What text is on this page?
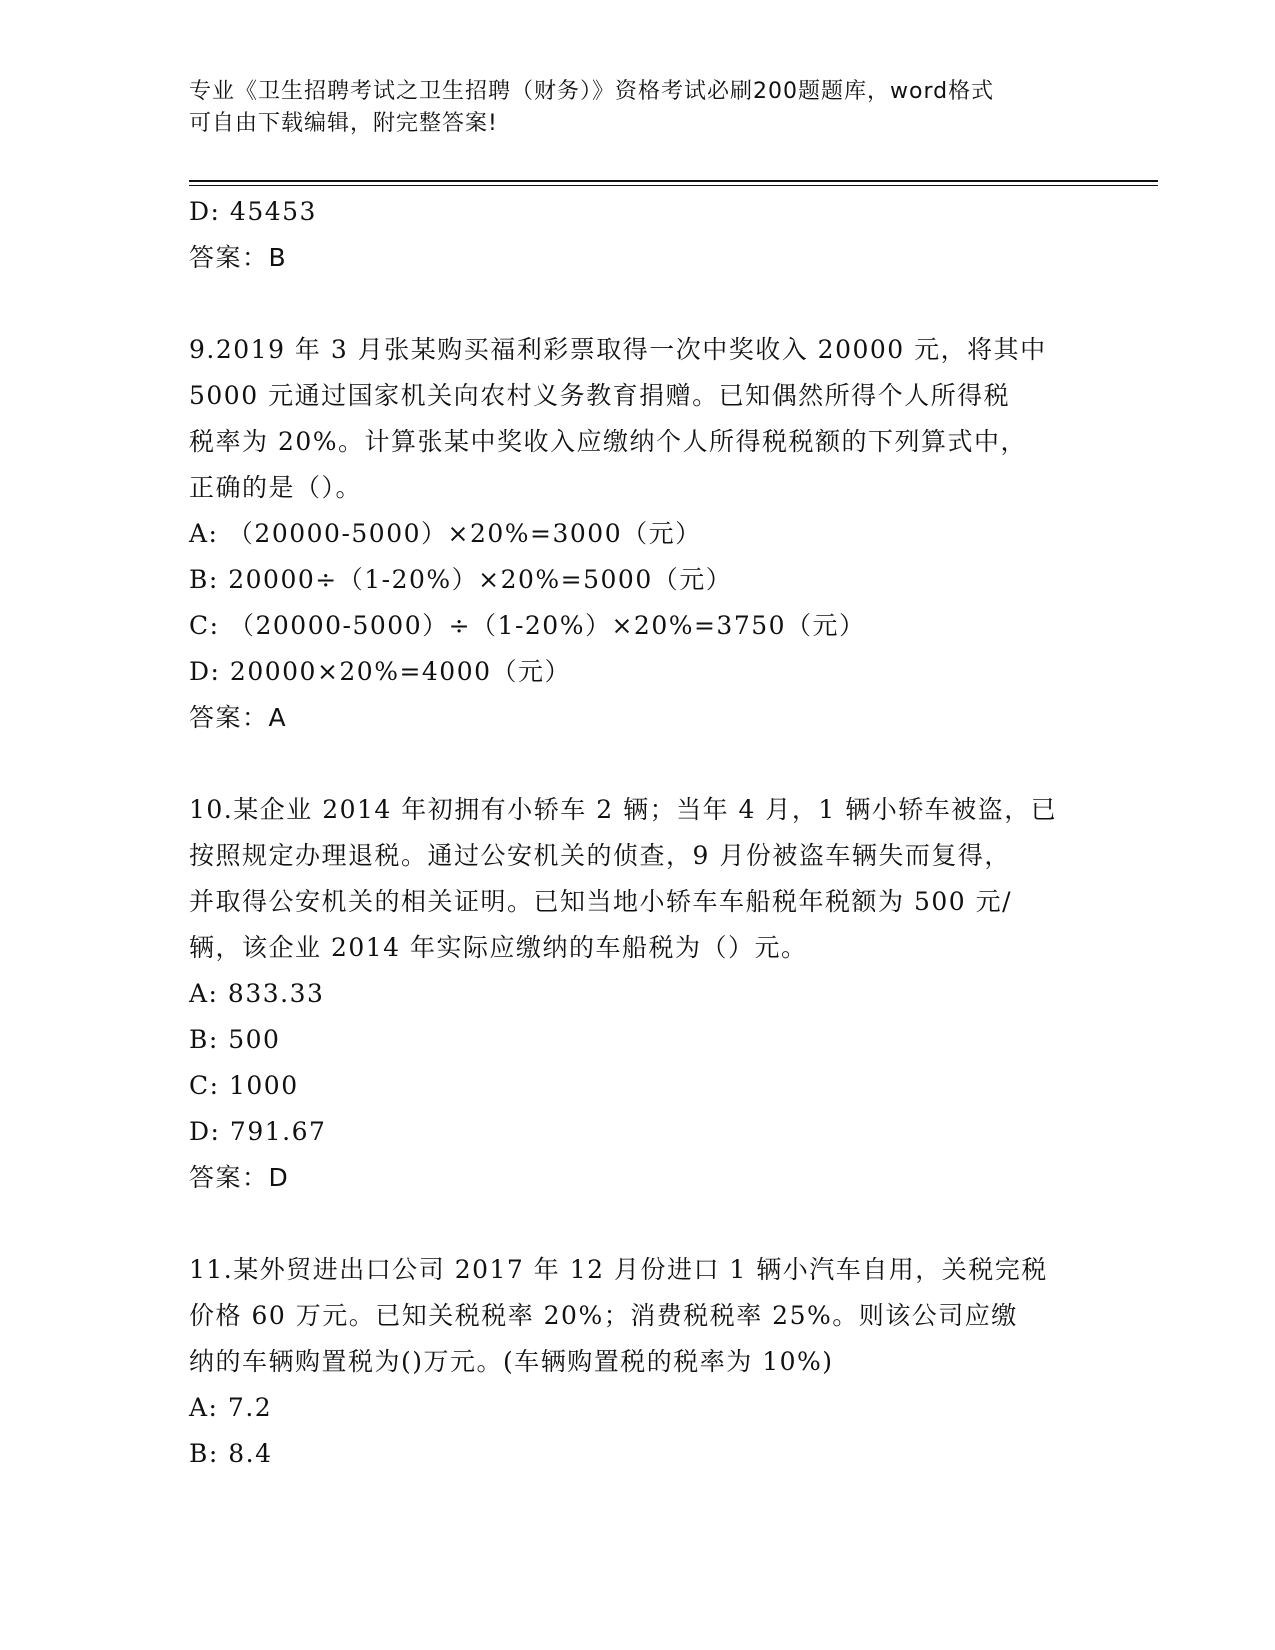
专业《卫生招聘考试之卫生招聘（财务）》资格考试必刷200题题库，word格式
可自由下载编辑，附完整答案!
D: 45453
答案：B
9.2019 年 3 月张某购买福利彩票取得一次中奖收入 20000 元，将其中
5000 元通过国家机关向农村义务教育捐赠。已知偶然所得个人所得税
税率为 20%。计算张某中奖收入应缴纳个人所得税税额的下列算式中，
正确的是（）。
A: （20000-5000）×20%=3000（元）
B: 20000÷（1-20%）×20%=5000（元）
C: （20000-5000）÷（1-20%）×20%=3750（元）
D: 20000×20%=4000（元）
答案：A
10.某企业 2014 年初拥有小轿车 2 辆；当年 4 月，1 辆小轿车被盗，已
按照规定办理退税。通过公安机关的侦查，9 月份被盗车辆失而复得，
并取得公安机关的相关证明。已知当地小轿车车船税年税额为 500 元/
辆，该企业 2014 年实际应缴纳的车船税为（）元。
A: 833.33
B: 500
C: 1000
D: 791.67
答案：D
11.某外贸进出口公司 2017 年 12 月份进口 1 辆小汽车自用，关税完税
价格 60 万元。已知关税税率 20%；消费税税率 25%。则该公司应缴
纳的车辆购置税为()万元。(车辆购置税的税率为 10%)
A: 7.2
B: 8.4
